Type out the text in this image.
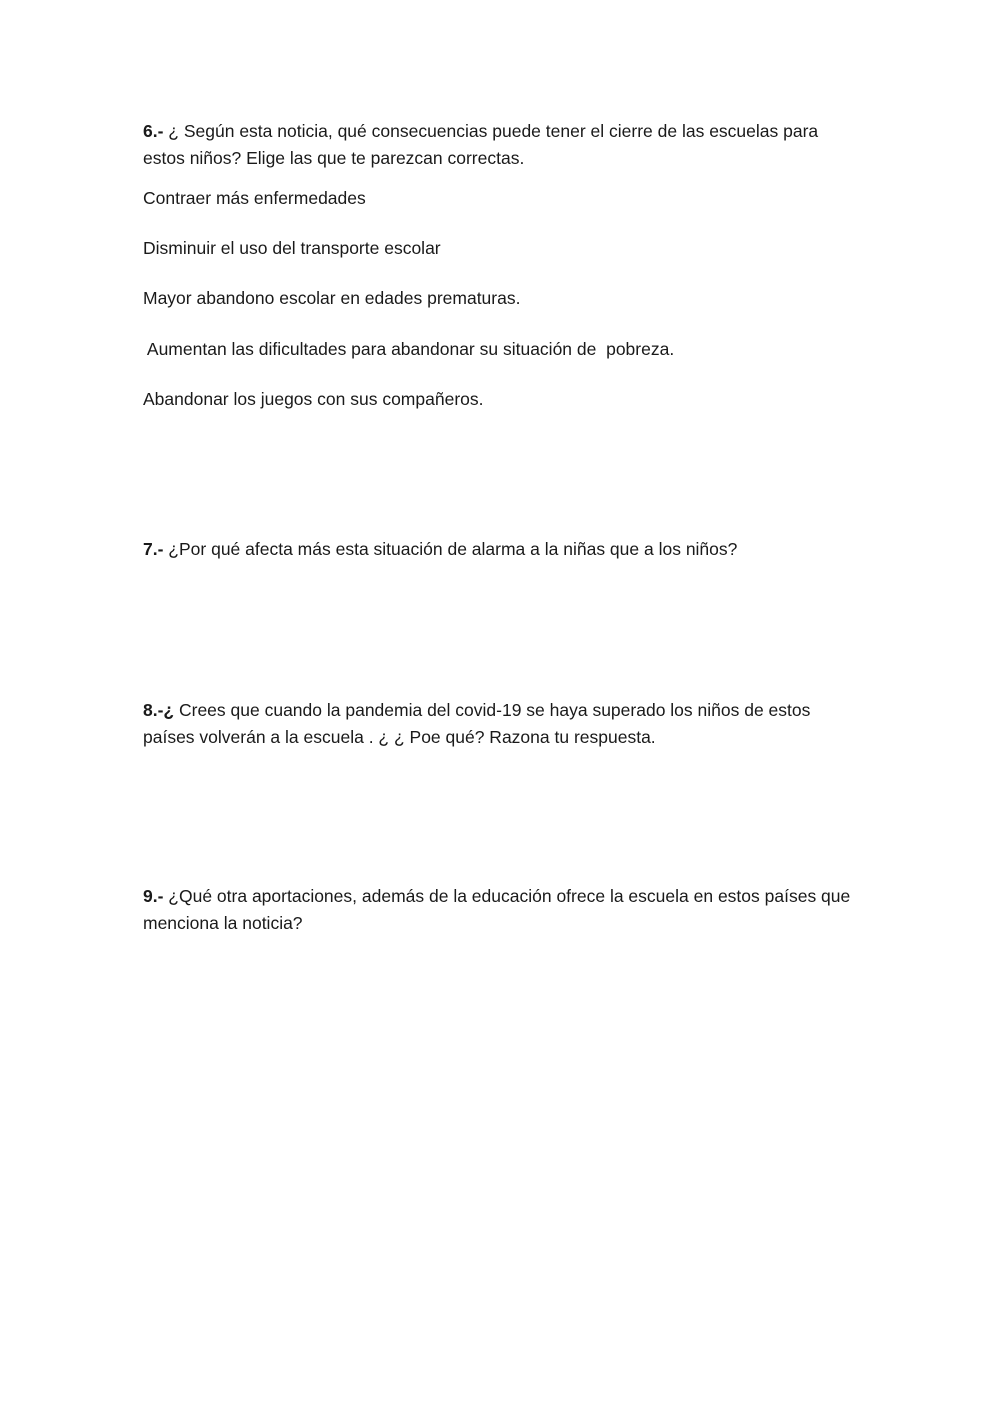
6.- ¿ Según esta noticia, qué consecuencias puede tener el cierre de las escuelas para estos niños? Elige las que te parezcan correctas.
Contraer más enfermedades
Disminuir el uso del transporte escolar
Mayor abandono escolar en edades prematuras.
Aumentan las dificultades para abandonar su situación de  pobreza.
Abandonar los juegos con sus compañeros.
7.- ¿Por qué afecta más esta situación de alarma a la niñas que a los niños?
8.-¿ Crees que cuando la pandemia del covid-19 se haya superado los niños de estos países volverán a la escuela . ¿ ¿ Poe qué? Razona tu respuesta.
9.- ¿Qué otra aportaciones, además de la educación ofrece la escuela en estos países que menciona la noticia?
